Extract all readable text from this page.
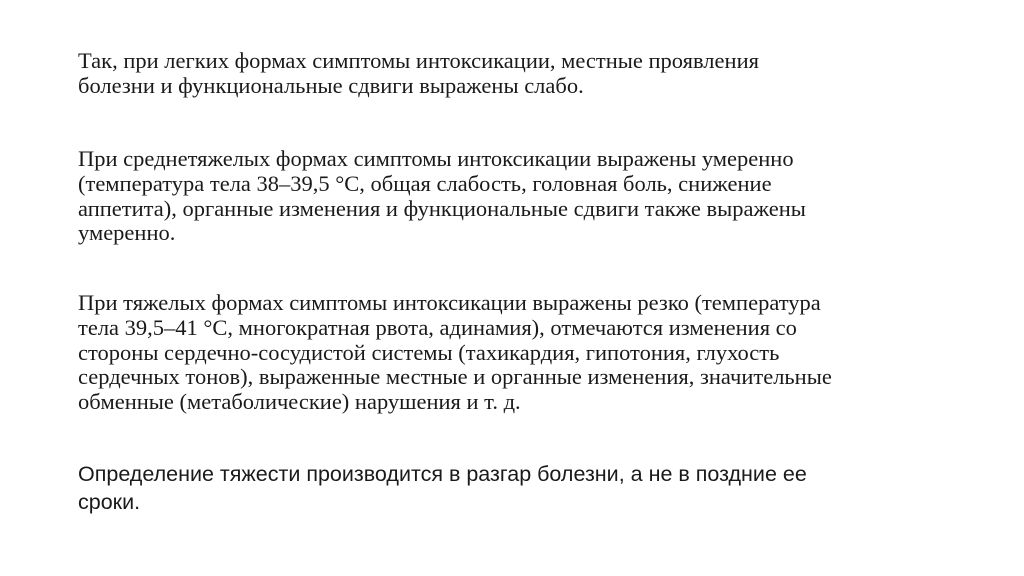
Так, при легких формах симптомы интоксикации, местные проявления
болезни и функциональные сдвиги выражены слабо.

При среднетяжелых формах симптомы интоксикации выражены умеренно
(температура тела 38–39,5 °С, общая слабость, головная боль, снижение
аппетита), органные изменения и функциональные сдвиги также выражены
умеренно.

При тяжелых формах симптомы интоксикации выражены резко (температура
тела 39,5–41 °С, многократная рвота, адинамия), отмечаются изменения со
стороны сердечно-сосудистой системы (тахикардия, гипотония, глухость
сердечных тонов), выраженные местные и органные изменения, значительные
обменные (метаболические) нарушения и т. д.

Определение тяжести производится в разгар болезни, а не в поздние ее
сроки.
